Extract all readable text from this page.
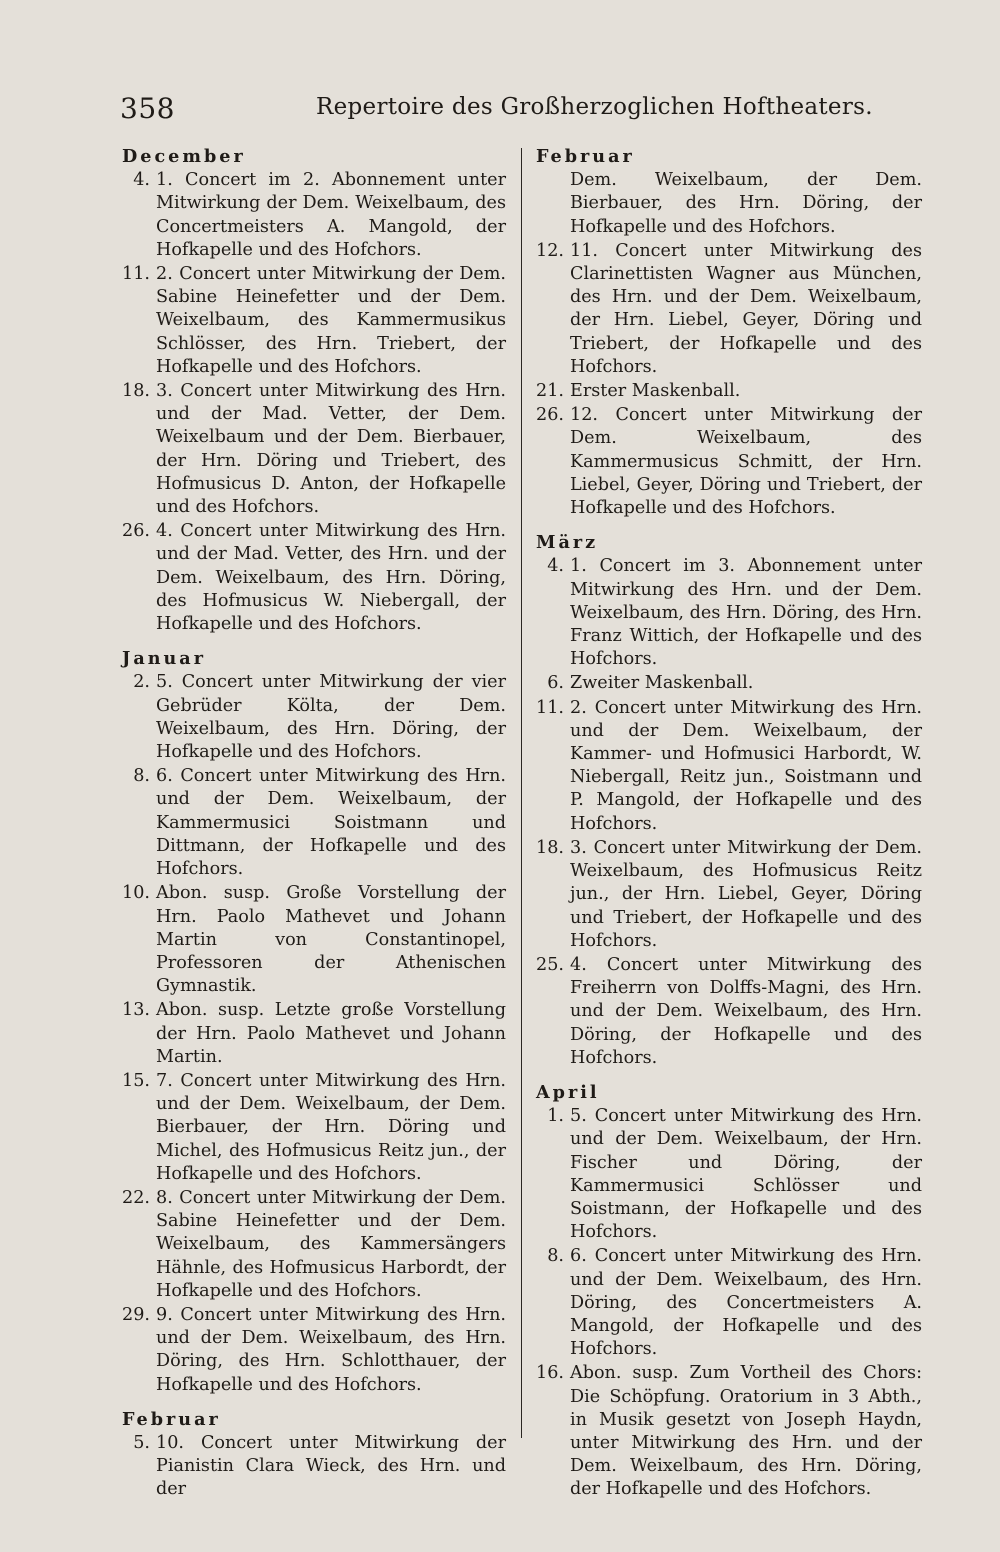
358	Repertoire des Großherzoglichen Hoftheaters.
December
4. 1. Concert im 2. Abonnement unter Mitwirkung der Dem. Weixelbaum, des Concertmeisters A. Mangold, der Hofkapelle und des Hofchors.
11. 2. Concert unter Mitwirkung der Dem. Sabine Heinefetter und der Dem. Weixelbaum, des Kammermusikus Schlösser, des Hrn. Triebert, der Hofkapelle und des Hofchors.
18. 3. Concert unter Mitwirkung des Hrn. und der Mad. Vetter, der Dem. Weixelbaum und der Dem. Bierbauer, der Hrn. Döring und Triebert, des Hofmusicus D. Anton, der Hofkapelle und des Hofchors.
26. 4. Concert unter Mitwirkung des Hrn. und der Mad. Vetter, des Hrn. und der Dem. Weixelbaum, des Hrn. Döring, des Hofmusicus W. Niebergall, der Hofkapelle und des Hofchors.
Januar
2. 5. Concert unter Mitwirkung der vier Gebrüder Költa, der Dem. Weixelbaum, des Hrn. Döring, der Hofkapelle und des Hofchors.
8. 6. Concert unter Mitwirkung des Hrn. und der Dem. Weixelbaum, der Kammermusici Soistmann und Dittmann, der Hofkapelle und des Hofchors.
10. Abon. susp. Große Vorstellung der Hrn. Paolo Mathevet und Johann Martin von Constantinopel, Professoren der Athenischen Gymnastik.
13. Abon. susp. Letzte große Vorstellung der Hrn. Paolo Mathevet und Johann Martin.
15. 7. Concert unter Mitwirkung des Hrn. und der Dem. Weixelbaum, der Dem. Bierbauer, der Hrn. Döring und Michel, des Hofmusicus Reitz jun., der Hofkapelle und des Hofchors.
22. 8. Concert unter Mitwirkung der Dem. Sabine Heinefetter und der Dem. Weixelbaum, des Kammersängers Hähnle, des Hofmusicus Harbordt, der Hofkapelle und des Hofchors.
29. 9. Concert unter Mitwirkung des Hrn. und der Dem. Weixelbaum, des Hrn. Döring, des Hrn. Schlotthauer, der Hofkapelle und des Hofchors.
Februar
5. 10. Concert unter Mitwirkung der Pianistin Clara Wieck, des Hrn. und der
Februar
Dem. Weixelbaum, der Dem. Bierbauer, des Hrn. Döring, der Hofkapelle und des Hofchors.
12. 11. Concert unter Mitwirkung des Clarinettisten Wagner aus München, des Hrn. und der Dem. Weixelbaum, der Hrn. Liebel, Geyer, Döring und Triebert, der Hofkapelle und des Hofchors.
21. Erster Maskenball.
26. 12. Concert unter Mitwirkung der Dem. Weixelbaum, des Kammermusicus Schmitt, der Hrn. Liebel, Geyer, Döring und Triebert, der Hofkapelle und des Hofchors.
März
4. 1. Concert im 3. Abonnement unter Mitwirkung des Hrn. und der Dem. Weixelbaum, des Hrn. Döring, des Hrn. Franz Wittich, der Hofkapelle und des Hofchors.
6. Zweiter Maskenball.
11. 2. Concert unter Mitwirkung des Hrn. und der Dem. Weixelbaum, der Kammer- und Hofmusici Harbordt, W. Niebergall, Reitz jun., Soistmann und P. Mangold, der Hofkapelle und des Hofchors.
18. 3. Concert unter Mitwirkung der Dem. Weixelbaum, des Hofmusicus Reitz jun., der Hrn. Liebel, Geyer, Döring und Triebert, der Hofkapelle und des Hofchors.
25. 4. Concert unter Mitwirkung des Freiherrn von Dolffs-Magni, des Hrn. und der Dem. Weixelbaum, des Hrn. Döring, der Hofkapelle und des Hofchors.
April
1. 5. Concert unter Mitwirkung des Hrn. und der Dem. Weixelbaum, der Hrn. Fischer und Döring, der Kammermusici Schlösser und Soistmann, der Hofkapelle und des Hofchors.
8. 6. Concert unter Mitwirkung des Hrn. und der Dem. Weixelbaum, des Hrn. Döring, des Concertmeisters A. Mangold, der Hofkapelle und des Hofchors.
16. Abon. susp. Zum Vortheil des Chors: Die Schöpfung. Oratorium in 3 Abth., in Musik gesetzt von Joseph Haydn, unter Mitwirkung des Hrn. und der Dem. Weixelbaum, des Hrn. Döring, der Hofkapelle und des Hofchors.
